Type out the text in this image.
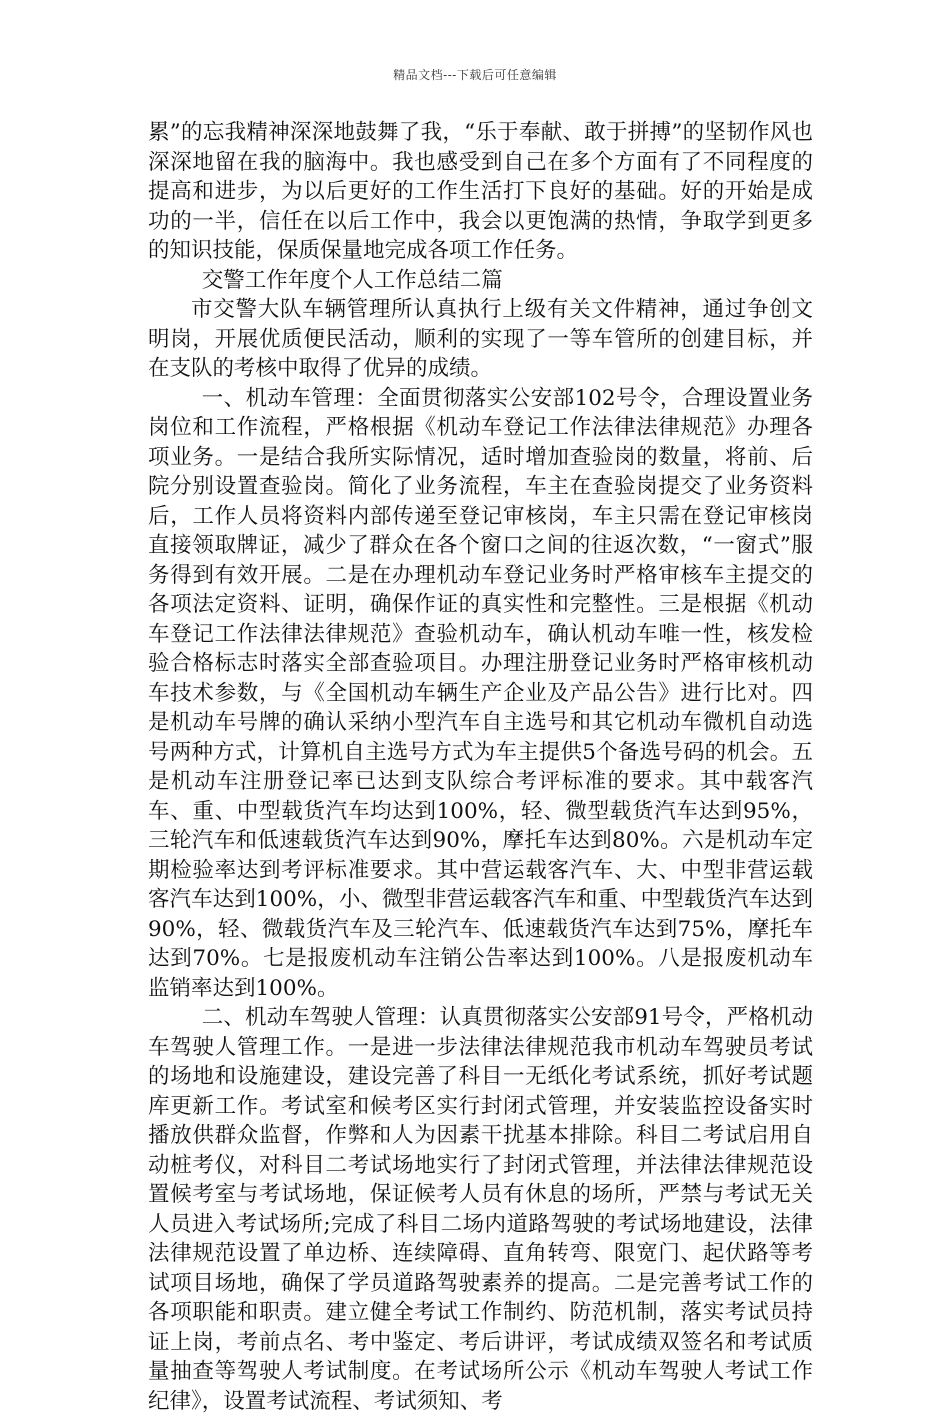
精品文档---下载后可任意编辑

累”的忘我精神深深地鼓舞了我，“乐于奉献、敢于拼搏”的坚韧作风也深深地留在我的脑海中。我也感受到自己在多个方面有了不同程度的提高和进步，为以后更好的工作生活打下良好的基础。好的开始是成功的一半，信任在以后工作中，我会以更饱满的热情，争取学到更多的知识技能，保质保量地完成各项工作任务。

交警工作年度个人工作总结二篇

市交警大队车辆管理所认真执行上级有关文件精神，通过争创文明岗，开展优质便民活动，顺利的实现了一等车管所的创建目标，并在支队的考核中取得了优异的成绩。

一、机动车管理：全面贯彻落实公安部102号令，合理设置业务岗位和工作流程，严格根据《机动车登记工作法律法律规范》办理各项业务。一是结合我所实际情况，适时增加查验岗的数量，将前、后院分别设置查验岗。简化了业务流程，车主在查验岗提交了业务资料后，工作人员将资料内部传递至登记审核岗，车主只需在登记审核岗直接领取牌证，减少了群众在各个窗口之间的往返次数，“一窗式”服务得到有效开展。二是在办理机动车登记业务时严格审核车主提交的各项法定资料、证明，确保作证的真实性和完整性。三是根据《机动车登记工作法律法律规范》查验机动车，确认机动车唯一性，核发检验合格标志时落实全部查验项目。办理注册登记业务时严格审核机动车技术参数，与《全国机动车辆生产企业及产品公告》进行比对。四是机动车号牌的确认采纳小型汽车自主选号和其它机动车微机自动选号两种方式，计算机自主选号方式为车主提供5个备选号码的机会。五是机动车注册登记率已达到支队综合考评标准的要求。其中载客汽车、重、中型载货汽车均达到100%，轻、微型载货汽车达到95%，三轮汽车和低速载货汽车达到90%，摩托车达到80%。六是机动车定期检验率达到考评标准要求。其中营运载客汽车、大、中型非营运载客汽车达到100%，小、微型非营运载客汽车和重、中型载货汽车达到90%，轻、微载货汽车及三轮汽车、低速载货汽车达到75%，摩托车达到70%。七是报废机动车注销公告率达到100%。八是报废机动车监销率达到100%。

二、机动车驾驶人管理：认真贯彻落实公安部91号令，严格机动车驾驶人管理工作。一是进一步法律法律规范我市机动车驾驶员考试的场地和设施建设，建设完善了科目一无纸化考试系统，抓好考试题库更新工作。考试室和候考区实行封闭式管理，并安装监控设备实时播放供群众监督，作弊和人为因素干扰基本排除。科目二考试启用自动桩考仪，对科目二考试场地实行了封闭式管理，并法律法律规范设置候考室与考试场地，保证候考人员有休息的场所，严禁与考试无关人员进入考试场所;完成了科目二场内道路驾驶的考试场地建设，法律法律规范设置了单边桥、连续障碍、直角转弯、限宽门、起伏路等考试项目场地，确保了学员道路驾驶素养的提高。二是完善考试工作的各项职能和职责。建立健全考试工作制约、防范机制，落实考试员持证上岗，考前点名、考中鉴定、考后讲评，考试成绩双签名和考试质量抽查等驾驶人考试制度。在考试场所公示《机动车驾驶人考试工作纪律》，设置考试流程、考试须知、考
